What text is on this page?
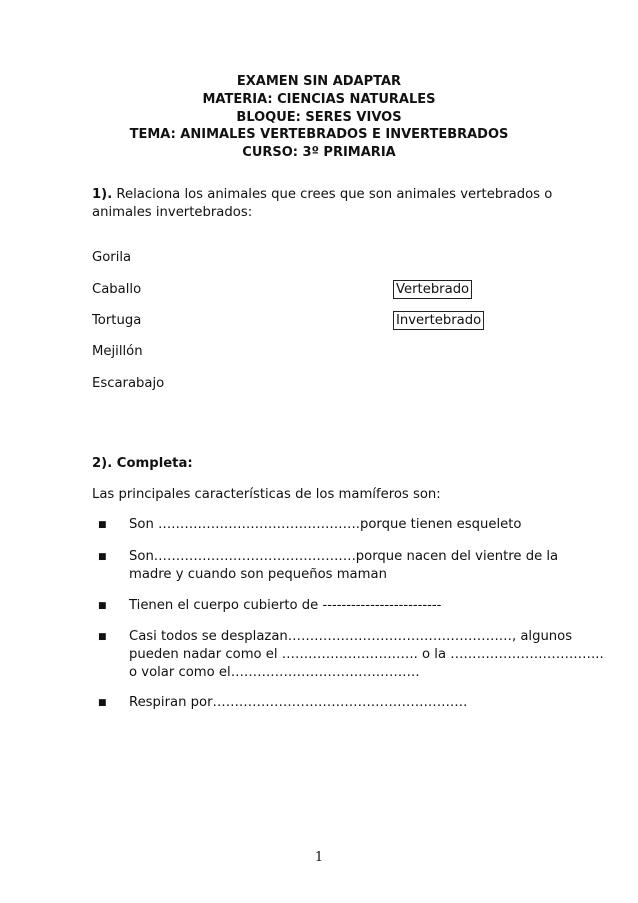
EXAMEN SIN ADAPTAR
MATERIA: CIENCIAS NATURALES
BLOQUE: SERES VIVOS
TEMA: ANIMALES VERTEBRADOS E INVERTEBRADOS
CURSO: 3º PRIMARIA
1). Relaciona los animales que crees que son animales vertebrados o
animales invertebrados:
Gorila
Caballo
Tortuga
Mejillón
Escarabajo
Vertebrado
Invertebrado
2). Completa:
Las principales características de los mamíferos son:
■ Son ……………………………………….porque tienen esqueleto
■ Son……………………………………….porque nacen del vientre de la
madre y cuando son pequeños maman
■ Tienen el cuerpo cubierto de -------------------------
■ Casi todos se desplazan……………………………………………, algunos
pueden nadar como el …………………………. o la ……………………………..
o volar como el…………………………………….
■ Respiran por………………………………………………….
1
